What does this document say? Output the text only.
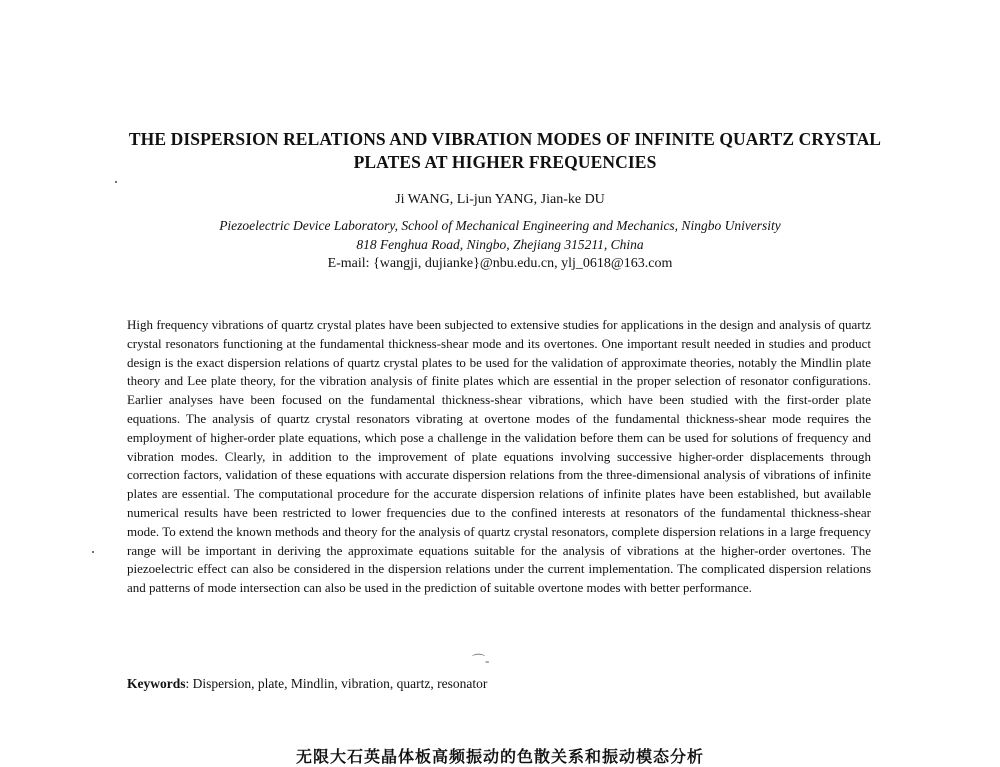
THE DISPERSION RELATIONS AND VIBRATION MODES OF INFINITE QUARTZ CRYSTAL PLATES AT HIGHER FREQUENCIES
Ji WANG, Li-jun YANG, Jian-ke DU
Piezoelectric Device Laboratory, School of Mechanical Engineering and Mechanics, Ningbo University
818 Fenghua Road, Ningbo, Zhejiang 315211, China
E-mail: {wangji, dujianke}@nbu.edu.cn, ylj_0618@163.com

High frequency vibrations of quartz crystal plates have been subjected to extensive studies for applications in the design and analysis of quartz crystal resonators functioning at the fundamental thickness-shear mode and its overtones. One important result needed in studies and product design is the exact dispersion relations of quartz crystal plates to be used for the validation of approximate theories, notably the Mindlin plate theory and Lee plate theory, for the vibration analysis of finite plates which are essential in the proper selection of resonator configurations. Earlier analyses have been focused on the fundamental thickness-shear vibrations, which have been studied with the first-order plate equations. The analysis of quartz crystal resonators vibrating at overtone modes of the fundamental thickness-shear mode requires the employment of higher-order plate equations, which pose a challenge in the validation before them can be used for solutions of frequency and vibration modes. Clearly, in addition to the improvement of plate equations involving successive higher-order displacements through correction factors, validation of these equations with accurate dispersion relations from the three-dimensional analysis of vibrations of infinite plates are essential. The computational procedure for the accurate dispersion relations of infinite plates have been established, but available numerical results have been restricted to lower frequencies due to the confined interests at resonators of the fundamental thickness-shear mode. To extend the known methods and theory for the analysis of quartz crystal resonators, complete dispersion relations in a large frequency range will be important in deriving the approximate equations suitable for the analysis of vibrations at the higher-order overtones. The piezoelectric effect can also be considered in the dispersion relations under the current implementation. The complicated dispersion relations and patterns of mode intersection can also be used in the prediction of suitable overtone modes with better performance.

Keywords: Dispersion, plate, Mindlin, vibration, quartz, resonator
无限大石英晶体板高频振动的色散关系和振动模态分析
⌒‐
